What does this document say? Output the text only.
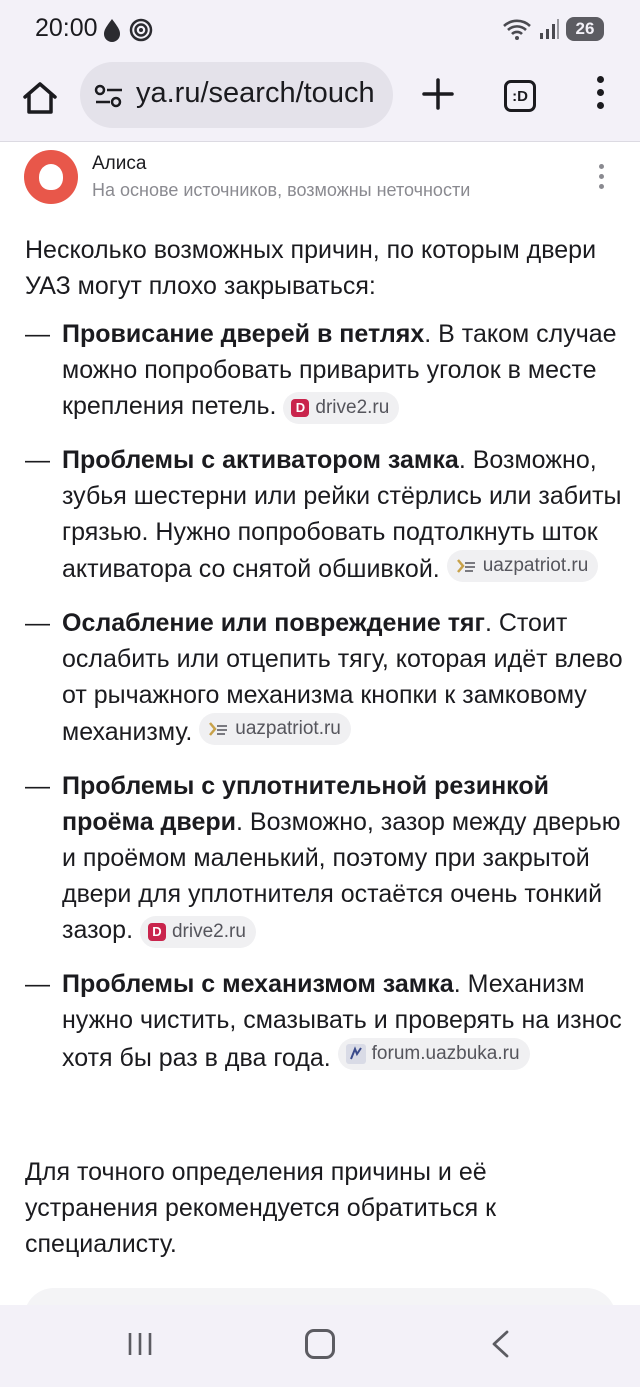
20:00	26
ya.ru/search/touch	:D
Алиса
На основе источников, возможны неточности
Несколько возможных причин, по которым двери УАЗ могут плохо закрываться:
— Провисание дверей в петлях. В таком случае можно попробовать приварить уголок в месте крепления петель. D drive2.ru
— Проблемы с активатором замка. Возможно, зубья шестерни или рейки стёрлись или забиты грязью. Нужно попробовать подтолкнуть шток активатора со снятой обшивкой. uazpatriot.ru
— Ослабление или повреждение тяг. Стоит ослабить или отцепить тягу, которая идёт влево от рычажного механизма кнопки к замковому механизму. uazpatriot.ru
— Проблемы с уплотнительной резинкой проёма двери. Возможно, зазор между дверью и проёмом маленький, поэтому при закрытой двери для уплотнителя остаётся очень тонкий зазор. D drive2.ru
— Проблемы с механизмом замка. Механизм нужно чистить, смазывать и проверять на износ хотя бы раз в два года. forum.uazbuka.ru
Для точного определения причины и её устранения рекомендуется обратиться к специалисту.
